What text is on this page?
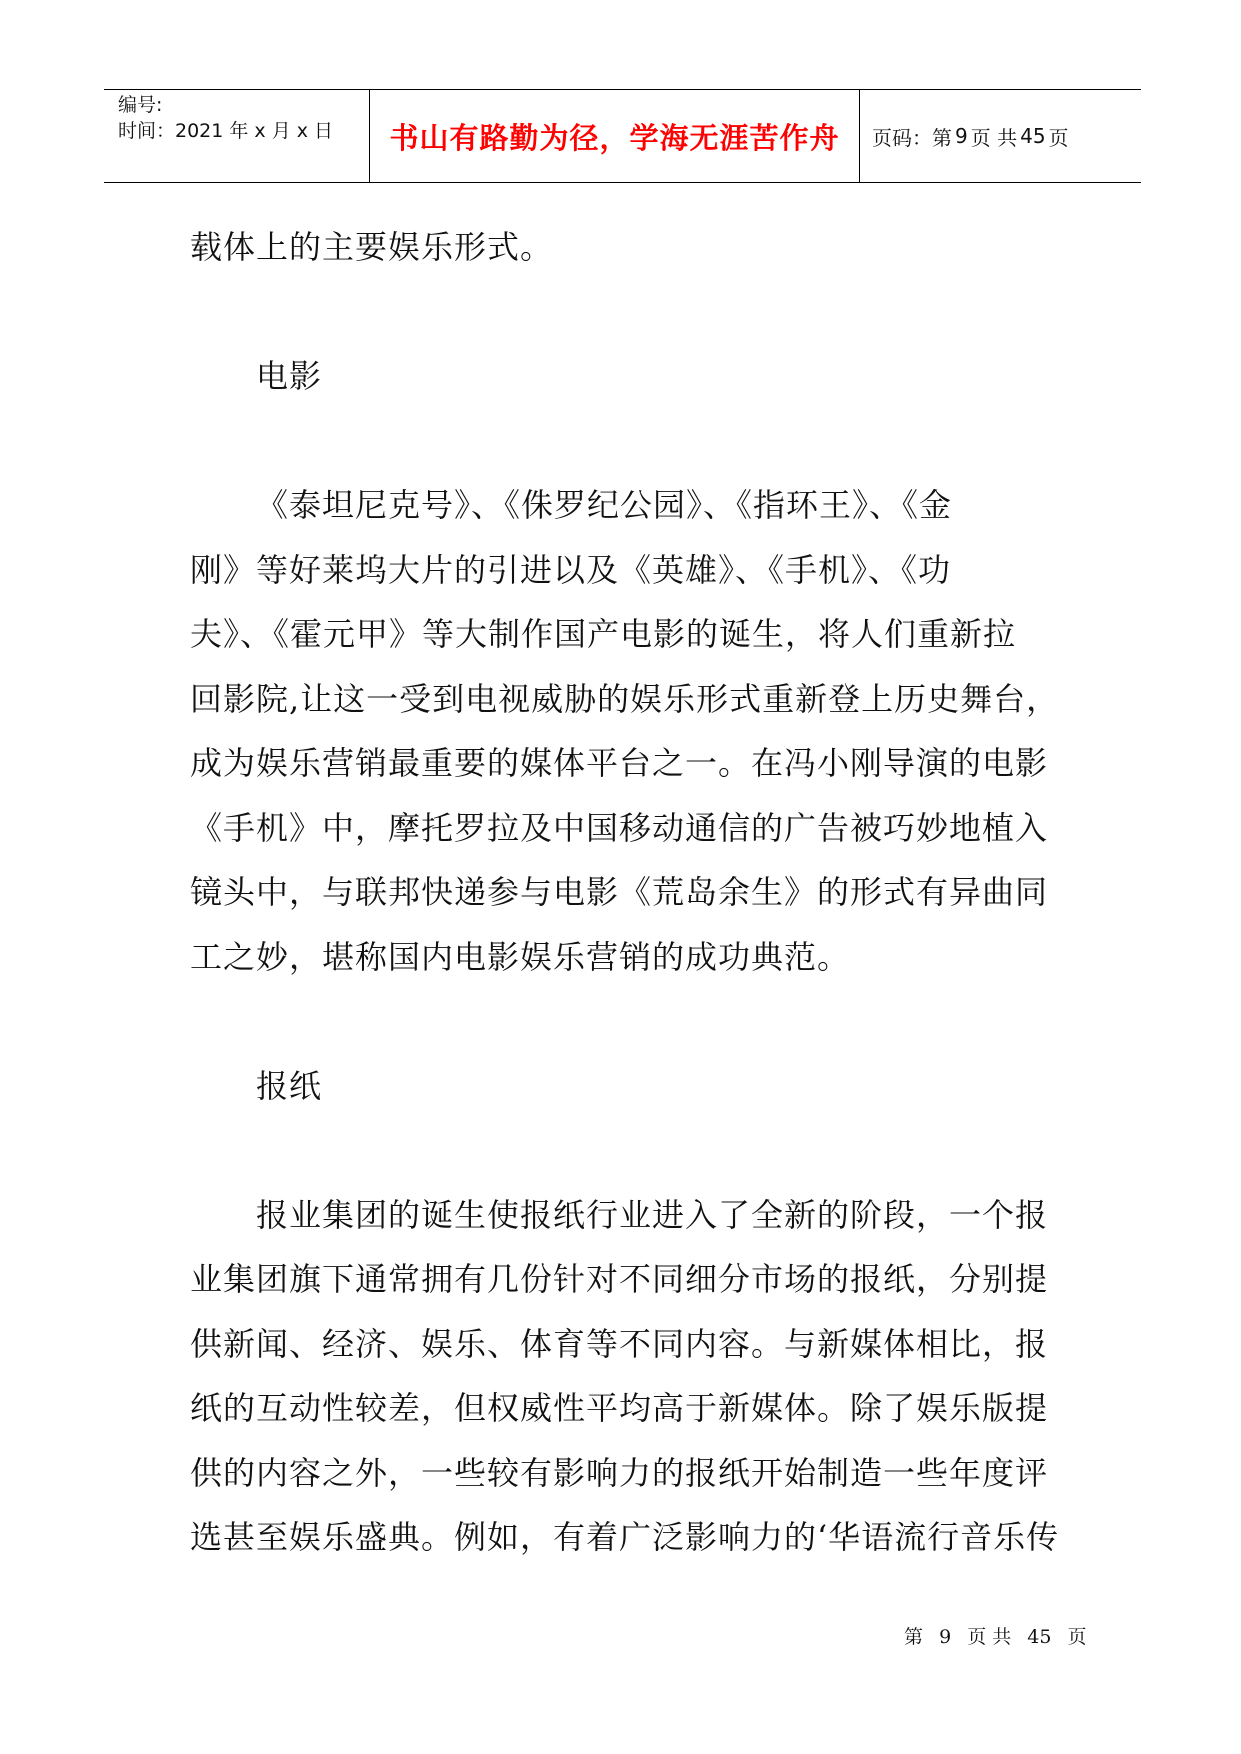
编号:
时间：2021 年 x 月 x 日	书山有路勤为径，学海无涯苦作舟 页码：第 9 页 共 45 页
载体上的主要娱乐形式。
电影
《泰坦尼克号》、《侏罗纪公园》、《指环王》、《金
刚》等好莱坞大片的引进以及《英雄》、《手机》、《功
夫》、《霍元甲》等大制作国产电影的诞生，将人们重新拉
回影院,让这一受到电视威胁的娱乐形式重新登上历史舞台，
成为娱乐营销最重要的媒体平台之一。在冯小刚导演的电影
《手机》中，摩托罗拉及中国移动通信的广告被巧妙地植入
镜头中，与联邦快递参与电影《荒岛余生》的形式有异曲同
工之妙，堪称国内电影娱乐营销的成功典范。
报纸
报业集团的诞生使报纸行业进入了全新的阶段，一个报
业集团旗下通常拥有几份针对不同细分市场的报纸，分别提
供新闻、经济、娱乐、体育等不同内容。与新媒体相比，报
纸的互动性较差，但权威性平均高于新媒体。除了娱乐版提
供的内容之外，一些较有影响力的报纸开始制造一些年度评
选甚至娱乐盛典。例如，有着广泛影响力的‘华语流行音乐传
第 9 页 共 45 页
